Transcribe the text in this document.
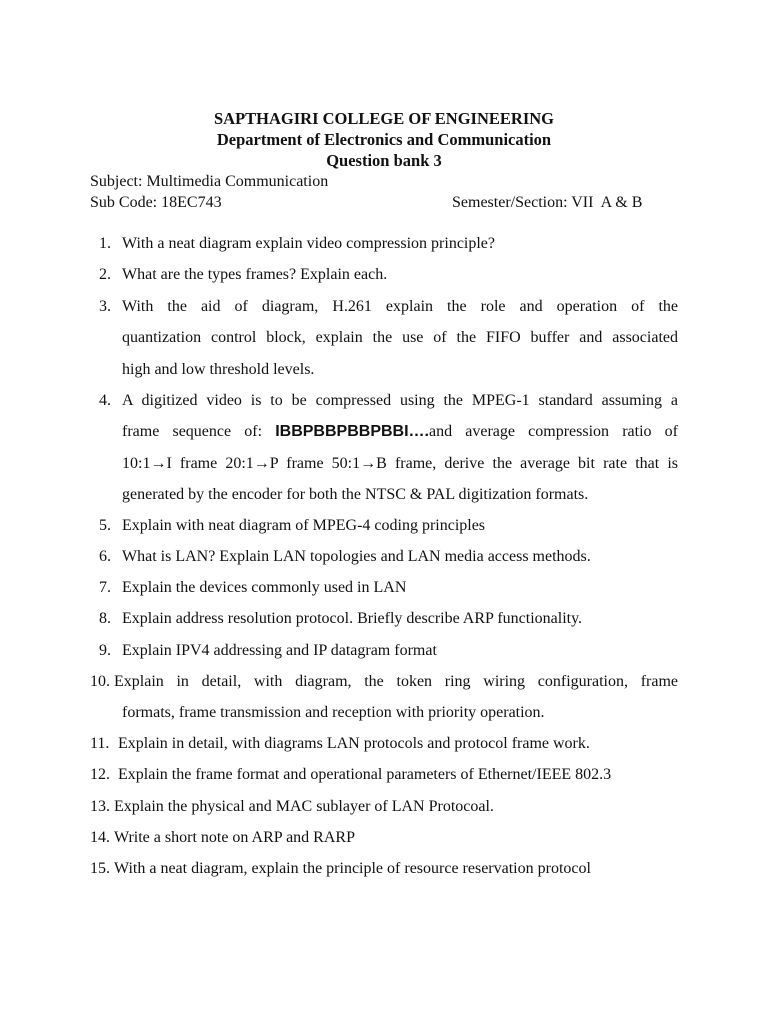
SAPTHAGIRI COLLEGE OF ENGINEERING
Department of Electronics and Communication
Question bank 3
Subject: Multimedia Communication
Sub Code: 18EC743	Semester/Section: VII  A & B
1. With a neat diagram explain video compression principle?
2. What are the types frames? Explain each.
3. With the aid of diagram, H.261 explain the role and operation of the
quantization control block, explain the use of the FIFO buffer and associated
high and low threshold levels.
4. A digitized video is to be compressed using the MPEG-1 standard assuming a
frame sequence of: IBBPBBPBBPBBI….and average compression ratio of
10:1→I frame 20:1→P frame 50:1→B frame, derive the average bit rate that is
generated by the encoder for both the NTSC & PAL digitization formats.
5. Explain with neat diagram of MPEG-4 coding principles
6. What is LAN? Explain LAN topologies and LAN media access methods.
7. Explain the devices commonly used in LAN
8. Explain address resolution protocol. Briefly describe ARP functionality.
9. Explain IPV4 addressing and IP datagram format
10. Explain in detail, with diagram, the token ring wiring configuration, frame
formats, frame transmission and reception with priority operation.
11. Explain in detail, with diagrams LAN protocols and protocol frame work.
12. Explain the frame format and operational parameters of Ethernet/IEEE 802.3
13. Explain the physical and MAC sublayer of LAN Protocoal.
14. Write a short note on ARP and RARP
15. With a neat diagram, explain the principle of resource reservation protocol
